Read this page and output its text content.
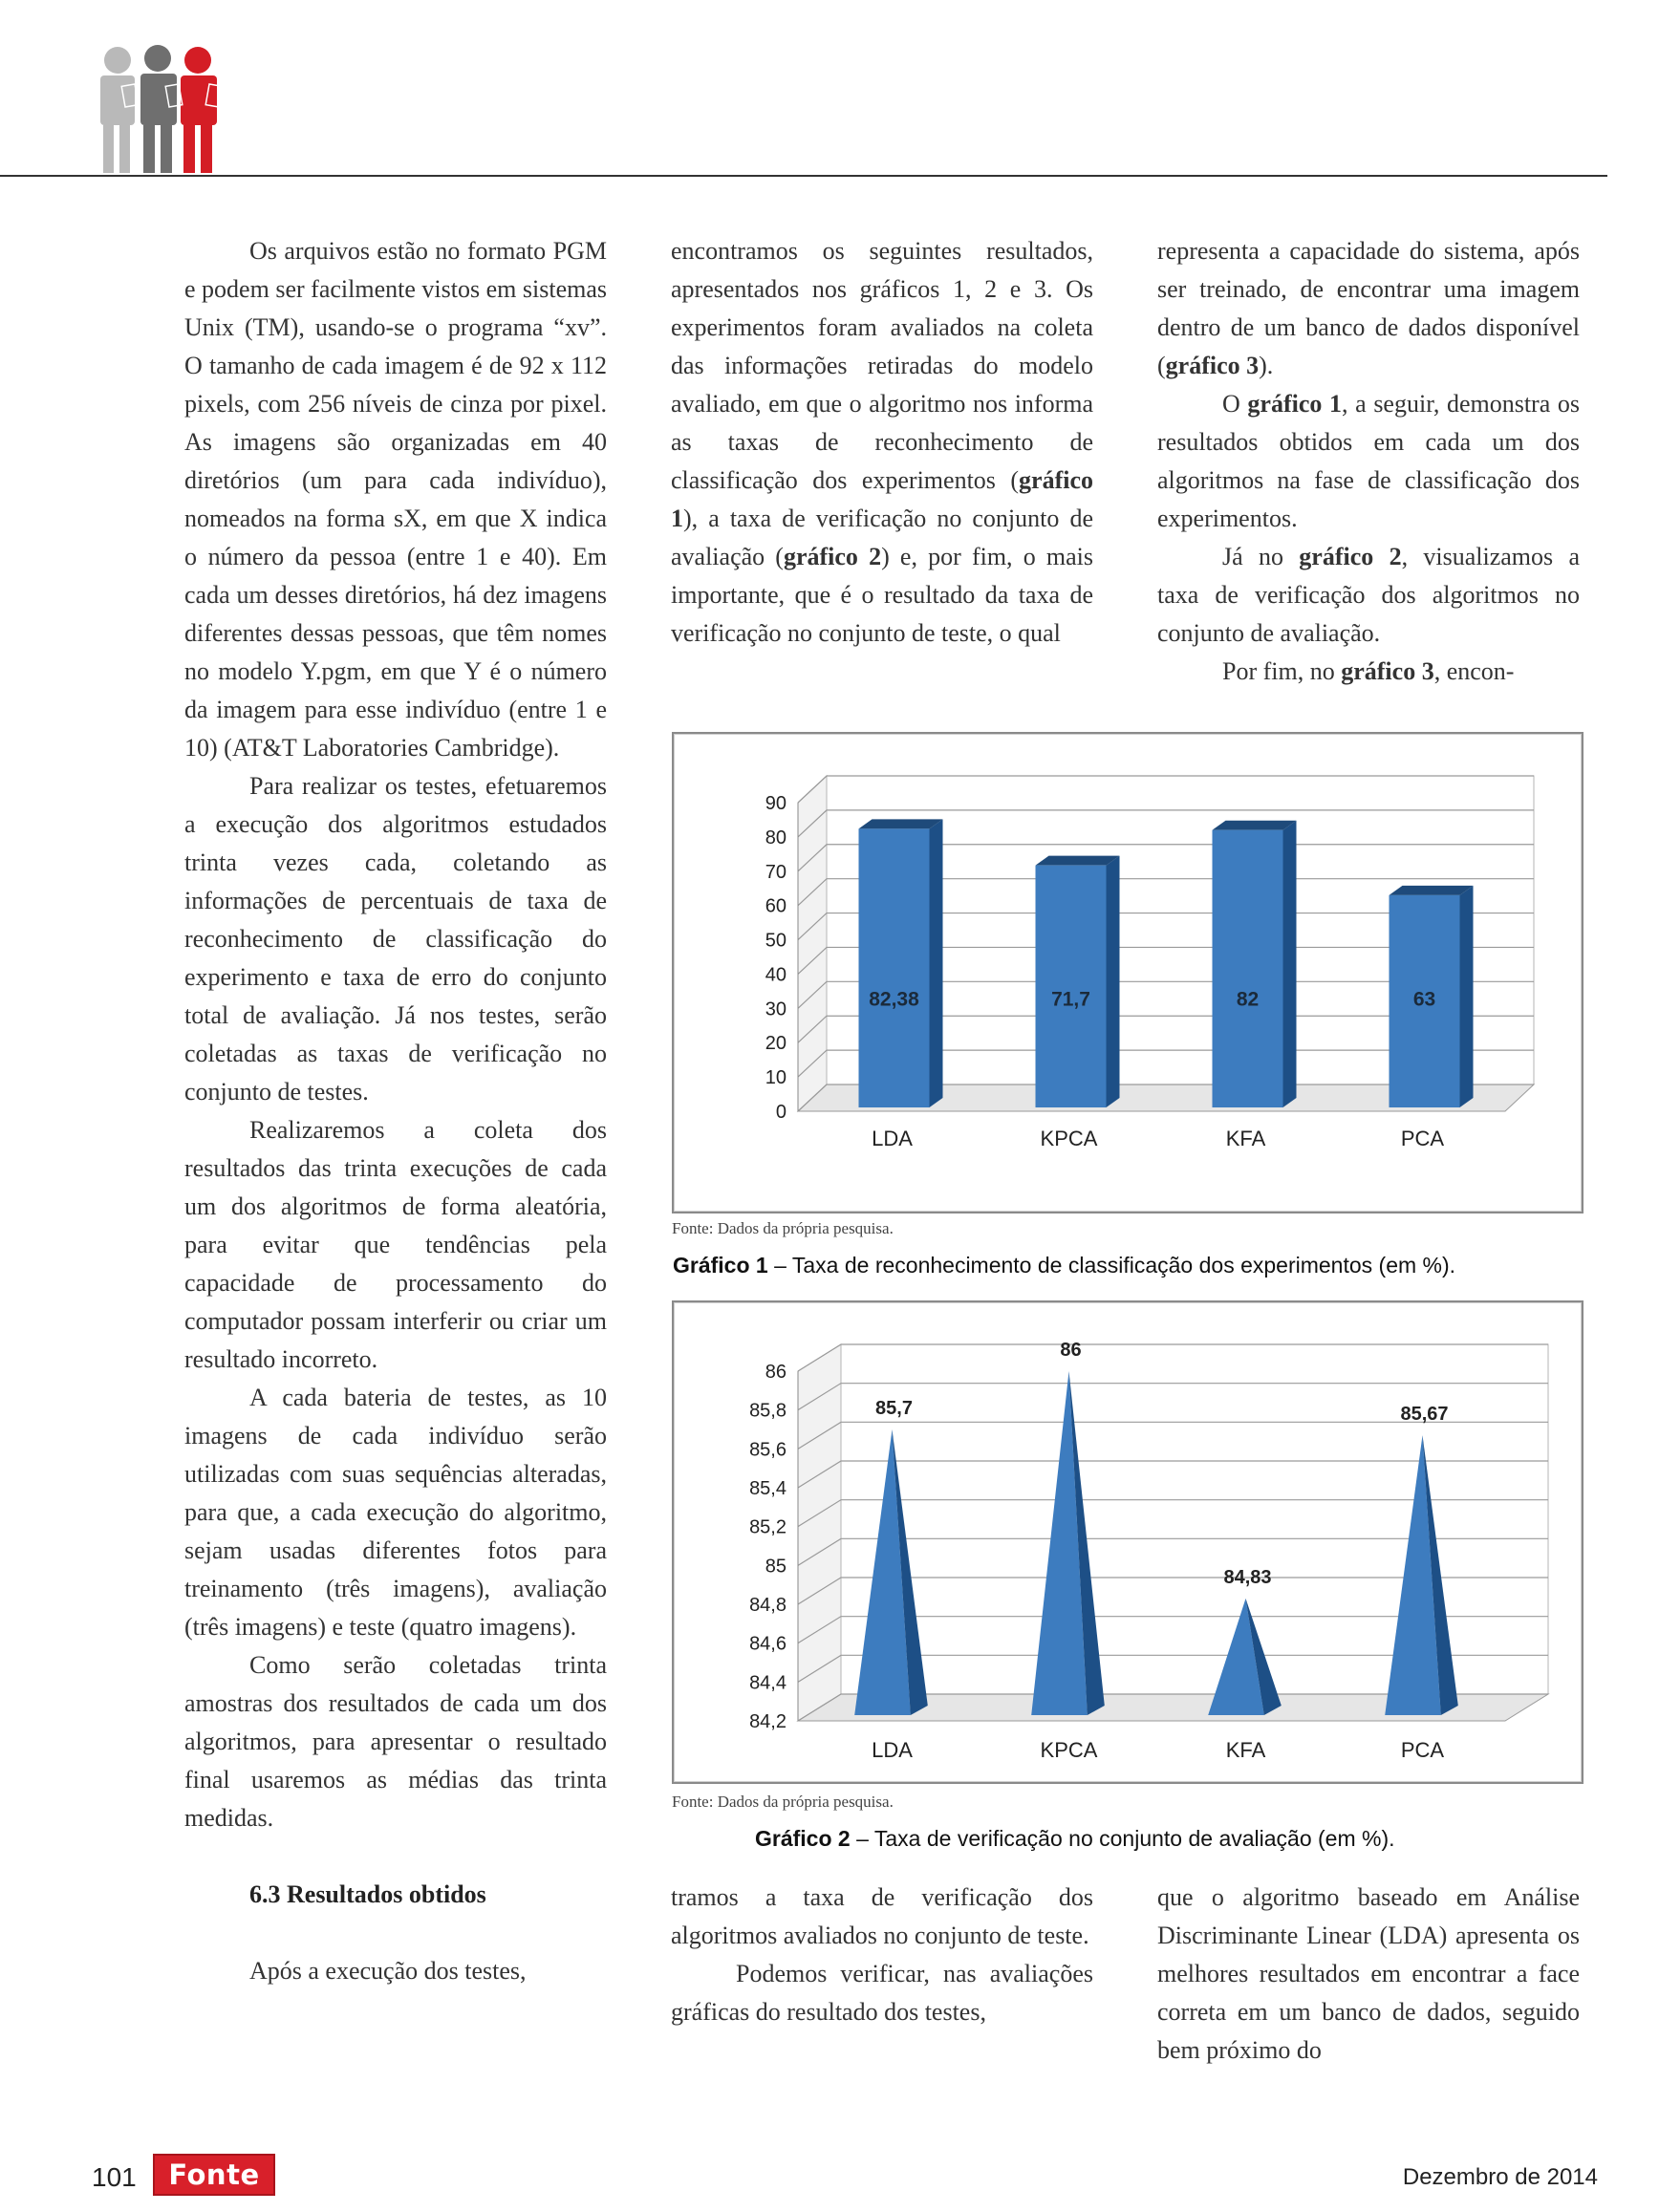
Os arquivos estão no formato PGM e podem ser facilmente vistos em sistemas Unix (TM), usando-se o programa “xv”. O tamanho de cada imagem é de 92 x 112 pixels, com 256 níveis de cinza por pixel. As imagens são organizadas em 40 diretórios (um para cada indivíduo), nomeados na forma sX, em que X indica o número da pessoa (entre 1 e 40). Em cada um desses diretórios, há dez imagens diferentes dessas pessoas, que têm nomes no modelo Y.pgm, em que Y é o número da imagem para esse indivíduo (entre 1 e 10) (AT&T Laboratories Cambridge).

Para realizar os testes, efetuaremos a execução dos algoritmos estudados trinta vezes cada, coletando as informações de percentuais de taxa de reconhecimento de classificação do experimento e taxa de erro do conjunto total de avaliação. Já nos testes, serão coletadas as taxas de verificação no conjunto de testes.

Realizaremos a coleta dos resultados das trinta execuções de cada um dos algoritmos de forma aleatória, para evitar que tendências pela capacidade de processamento do computador possam interferir ou criar um resultado incorreto.

A cada bateria de testes, as 10 imagens de cada indivíduo serão utilizadas com suas sequências alteradas, para que, a cada execução do algoritmo, sejam usadas diferentes fotos para treinamento (três imagens), avaliação (três imagens) e teste (quatro imagens).

Como serão coletadas trinta amostras dos resultados de cada um dos algoritmos, para apresentar o resultado final usaremos as médias das trinta medidas.

6.3 Resultados obtidos

Após a execução dos testes,

encontramos os seguintes resultados, apresentados nos gráficos 1, 2 e 3. Os experimentos foram avaliados na coleta das informações retiradas do modelo avaliado, em que o algoritmo nos informa as taxas de reconhecimento de classificação dos experimentos (gráfico 1), a taxa de verificação no conjunto de avaliação (gráfico 2) e, por fim, o mais importante, que é o resultado da taxa de verificação no conjunto de teste, o qual

representa a capacidade do sistema, após ser treinado, de encontrar uma imagem dentro de um banco de dados disponível (gráfico 3).

O gráfico 1, a seguir, demonstra os resultados obtidos em cada um dos algoritmos na fase de classificação dos experimentos.

Já no gráfico 2, visualizamos a taxa de verificação dos algoritmos no conjunto de avaliação.

Por fim, no gráfico 3, encon-

0
10
20
30
40
50
60
70
80
90
82,38
LDA
71,7
KPCA
82
KFA
63
PCA
Fonte: Dados da própria pesquisa.
Gráfico 1 – Taxa de reconhecimento de classificação dos experimentos (em %).
84,2
84,4
84,6
84,8
85
85,2
85,4
85,6
85,8
86
85,7
LDA
86
KPCA
84,83
KFA
85,67
PCA
Fonte: Dados da própria pesquisa.
Gráfico 2 – Taxa de verificação no conjunto de avaliação (em %).

tramos a taxa de verificação dos algoritmos avaliados no conjunto de teste.

Podemos verificar, nas avaliações gráficas do resultado dos testes,

que o algoritmo baseado em Análise Discriminante Linear (LDA) apresenta os melhores resultados em encontrar a face correta em um banco de dados, seguido bem próximo do

101	Fonte	Dezembro de 2014
